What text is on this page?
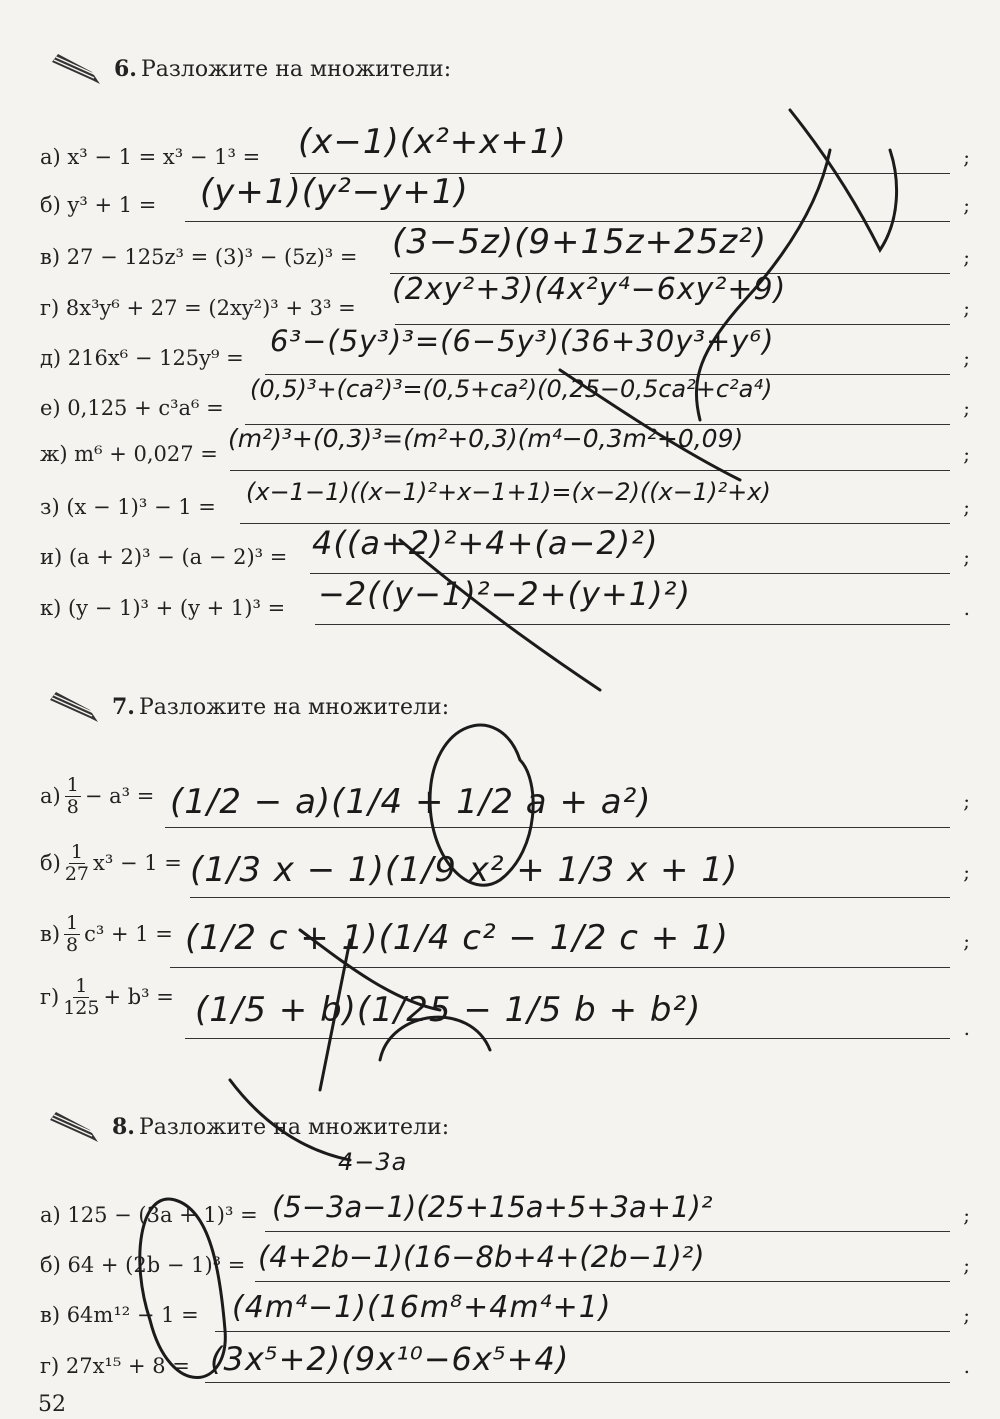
6. Разложите на множители:
а) x³ − 1 = x³ − 1³ =	;
(x−1)(x²+x+1)
б) y³ + 1 =	;
(y+1)(y²−y+1)
в) 27 − 125z³ = (3)³ − (5z)³ =	;
(3−5z)(9+15z+25z²)
г) 8x³y⁶ + 27 = (2xy²)³ + 3³ =	;
(2xy²+3)(4x²y⁴−6xy²+9)
д) 216x⁶ − 125y⁹ =	;
6³−(5y³)³=(6−5y³)(36+30y³+y⁶)
е) 0,125 + c³a⁶ =	;
(0,5)³+(ca²)³=(0,5+ca²)(0,25−0,5ca²+c²a⁴)
ж) m⁶ + 0,027 =	;
(m²)³+(0,3)³=(m²+0,3)(m⁴−0,3m²+0,09)
з) (x − 1)³ − 1 =	;
(x−1−1)((x−1)²+x−1+1)=(x−2)((x−1)²+x)
и) (a + 2)³ − (a − 2)³ =	;
4((a+2)²+4+(a−2)²)
к) (y − 1)³ + (y + 1)³ =	.
−2((y−1)²−2+(y+1)²)
7. Разложите на множители:
$а) \frac{1}{8} - a^3$ =	;
(1/2 − a)(1/4 + 1/2 a + a²)
$б) \frac{1}{27} x^3 - 1$ =	;
(1/3 x − 1)(1/9 x² + 1/3 x + 1)
$в) \frac{1}{8} c^3 + 1$ =	;
(1/2 c + 1)(1/4 c² − 1/2 c + 1)
$г) \frac{1}{125} + b^3$ =
.
(1/5 + b)(1/25 − 1/5 b + b²)
8. Разложите на множители:
4−3a
а) 125 − (3a + 1)³ =	;
(5−3a−1)(25+15a+5+3a+1)²
б) 64 + (2b − 1)³ =	;
(4+2b−1)(16−8b+4+(2b−1)²)
в) 64m¹² − 1 =	;
(4m⁴−1)(16m⁸+4m⁴+1)
г) 27x¹⁵ + 8 =	.
(3x⁵+2)(9x¹⁰−6x⁵+4)
52
